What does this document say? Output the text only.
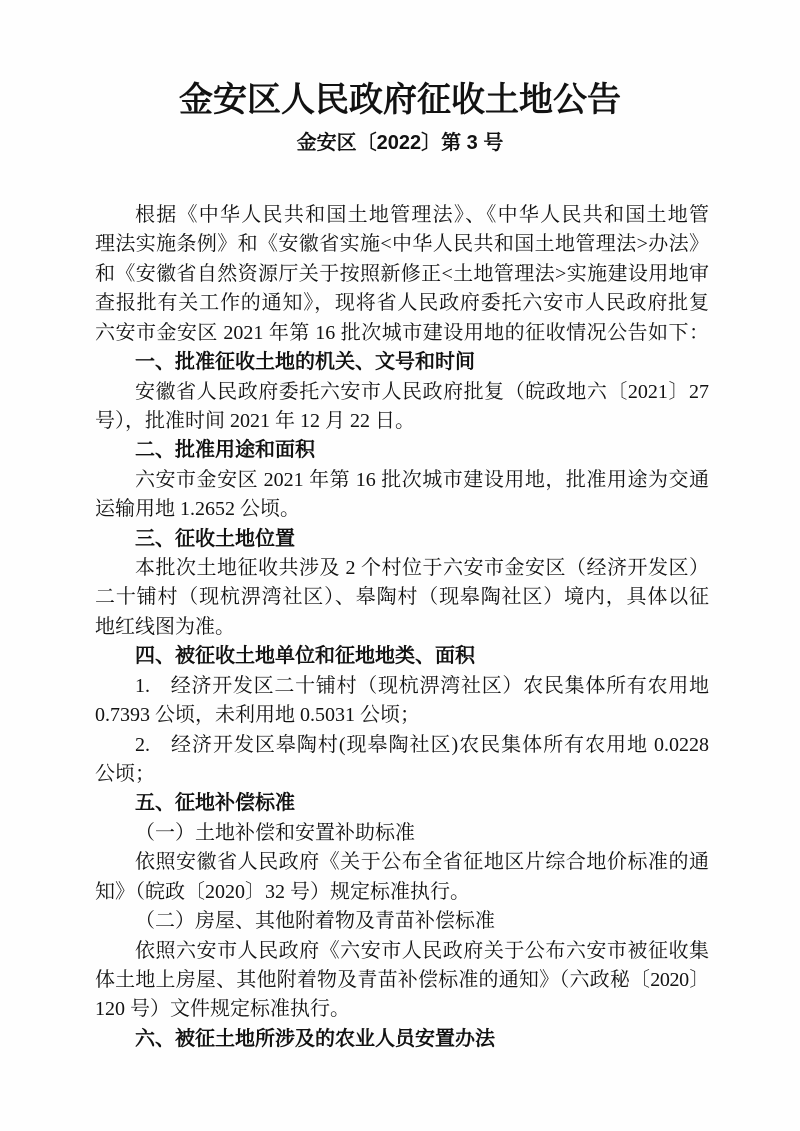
金安区人民政府征收土地公告
金安区〔2022〕第 3 号
根据《中华人民共和国土地管理法》、《中华人民共和国土地管
理法实施条例》和《安徽省实施<中华人民共和国土地管理法>办法》
和《安徽省自然资源厅关于按照新修正<土地管理法>实施建设用地审
查报批有关工作的通知》，现将省人民政府委托六安市人民政府批复
六安市金安区 2021 年第 16 批次城市建设用地的征收情况公告如下：
一、批准征收土地的机关、文号和时间
安徽省人民政府委托六安市人民政府批复（皖政地六〔2021〕27
号），批准时间 2021 年 12 月 22 日。
二、批准用途和面积
六安市金安区 2021 年第 16 批次城市建设用地，批准用途为交通
运输用地 1.2652 公顷。
三、征收土地位置
本批次土地征收共涉及 2 个村位于六安市金安区（经济开发区）
二十铺村（现杭淠湾社区）、皋陶村（现皋陶社区）境内，具体以征
地红线图为准。
四、被征收土地单位和征地地类、面积
1. 经济开发区二十铺村（现杭淠湾社区）农民集体所有农用地
0.7393 公顷，未利用地 0.5031 公顷；
2. 经济开发区皋陶村(现皋陶社区)农民集体所有农用地 0.0228
公顷；
五、征地补偿标准
（一）土地补偿和安置补助标准
依照安徽省人民政府《关于公布全省征地区片综合地价标准的通
知》（皖政〔2020〕32 号）规定标准执行。
（二）房屋、其他附着物及青苗补偿标准
依照六安市人民政府《六安市人民政府关于公布六安市被征收集
体土地上房屋、其他附着物及青苗补偿标准的通知》（六政秘〔2020〕
120 号）文件规定标准执行。
六、被征土地所涉及的农业人员安置办法
